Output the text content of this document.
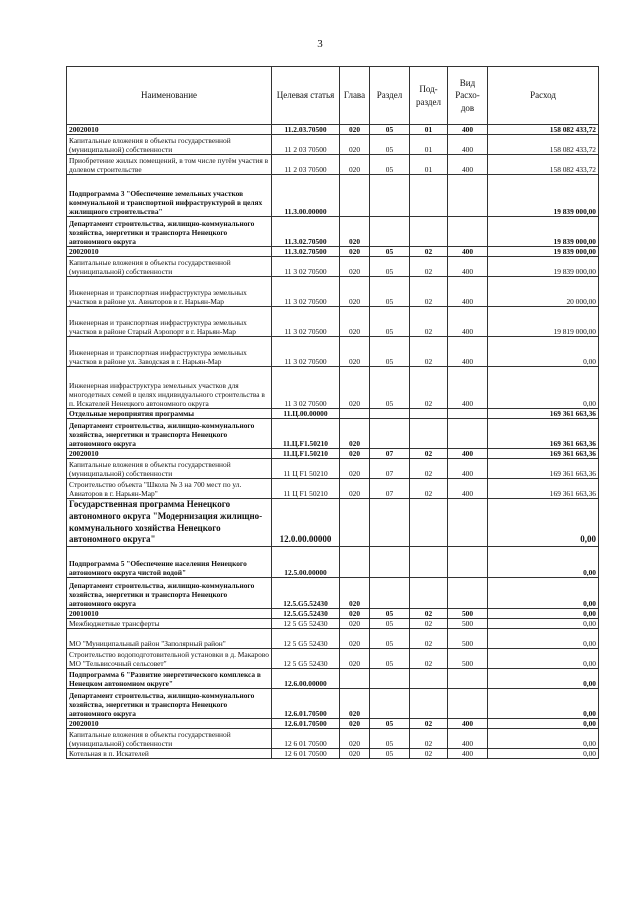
3
Наименование	Целевая статья	Глава	Раздел	Под-раздел	Вид Расхо-дов	Расход
20020010	11.2.03.70500	020	05	01	400	158 082 433,72
Капитальные вложения в объекты государственной (муниципальной) собственности	11 2 03 70500	020	05	01	400	158 082 433,72
Приобретение жилых помещений, в том числе путём участия в долевом строительстве	11 2 03 70500	020	05	01	400	158 082 433,72
Подпрограмма 3 "Обеспечение земельных участков коммунальной и транспортной инфраструктурой в целях жилищного строительства"	11.3.00.00000					19 839 000,00
Департамент строительства, жилищно-коммунального хозяйства, энергетики и транспорта Ненецкого автономного округа	11.3.02.70500	020				19 839 000,00
20020010	11.3.02.70500	020	05	02	400	19 839 000,00
Капитальные вложения в объекты государственной (муниципальной) собственности	11 3 02 70500	020	05	02	400	19 839 000,00
Инженерная и транспортная инфраструктура земельных участков в районе ул. Авиаторов в г. Нарьян-Мар	11 3 02 70500	020	05	02	400	20 000,00
Инженерная и транспортная инфраструктура земельных участков в районе Старый Аэропорт в г. Нарьян-Мар	11 3 02 70500	020	05	02	400	19 819 000,00
Инженерная и транспортная инфраструктура земельных участков в районе ул. Заводская в г. Нарьян-Мар	11 3 02 70500	020	05	02	400	0,00
Инженерная инфраструктура земельных участков для многодетных семей в целях индивидуального строительства в п. Искателей Ненецкого автономного округа	11 3 02 70500	020	05	02	400	0,00
Отдельные мероприятия программы	11.Ц.00.00000					169 361 663,36
Департамент строительства, жилищно-коммунального хозяйства, энергетики и транспорта Ненецкого автономного округа	11.Ц.F1.50210	020				169 361 663,36
20020010	11.Ц.F1.50210	020	07	02	400	169 361 663,36
Капитальные вложения в объекты государственной (муниципальной) собственности	11 Ц F1 50210	020	07	02	400	169 361 663,36
Строительство объекта "Школа № 3 на 700 мест по ул. Авиаторов в г. Нарьян-Мар"	11 Ц F1 50210	020	07	02	400	169 361 663,36
Государственная программа Ненецкого автономного округа "Модернизация жилищно-коммунального хозяйства Ненецкого автономного округа"	12.0.00.00000					0,00
Подпрограмма 5 "Обеспечение населения Ненецкого автономного округа чистой водой"	12.5.00.00000					0,00
Департамент строительства, жилищно-коммунального хозяйства, энергетики и транспорта Ненецкого автономного округа	12.5.G5.52430	020				0,00
20010010	12.5.G5.52430	020	05	02	500	0,00
Межбюджетные трансферты	12 5 G5 52430	020	05	02	500	0,00
МО "Муниципальный район "Заполярный район"	12 5 G5 52430	020	05	02	500	0,00
Строительство водоподготовительной установки в д. Макарово МО "Тельвисочный сельсовет"	12 5 G5 52430	020	05	02	500	0,00
Подпрограмма 6 "Развитие энергетического комплекса в Ненецком автономном округе"	12.6.00.00000					0,00
Департамент строительства, жилищно-коммунального хозяйства, энергетики и транспорта Ненецкого автономного округа	12.6.01.70500	020				0,00
20020010	12.6.01.70500	020	05	02	400	0,00
Капитальные вложения в объекты государственной (муниципальной) собственности	12 6 01 70500	020	05	02	400	0,00
Котельная в п. Искателей	12 6 01 70500	020	05	02	400	0,00
